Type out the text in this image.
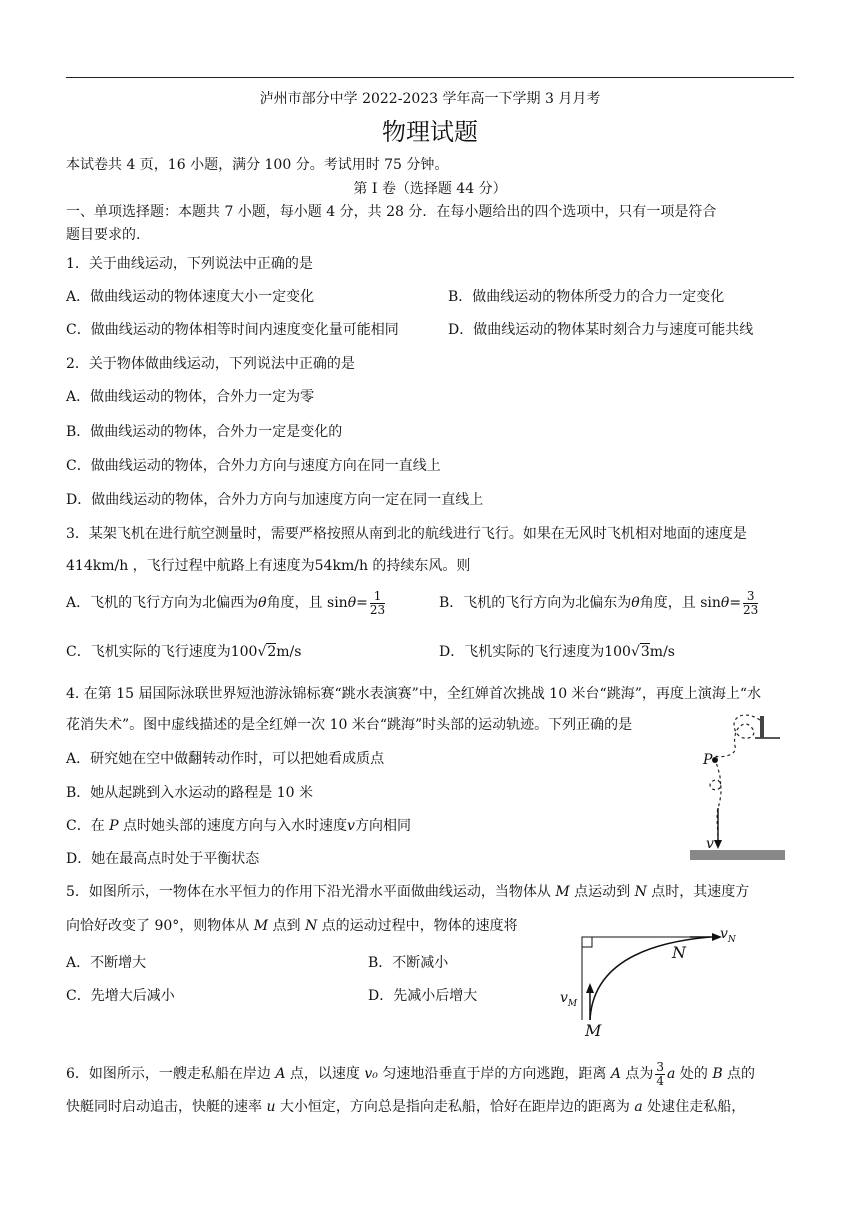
泸州市部分中学 2022-2023 学年高一下学期 3 月月考
物理试题
本试卷共 4 页，16 小题，满分 100 分。考试用时 75 分钟。
第 I 卷（选择题 44 分）
一、单项选择题：本题共 7 小题，每小题 4 分，共 28 分．在每小题给出的四个选项中，只有一项是符合
题目要求的.
1．关于曲线运动，下列说法中正确的是
A．做曲线运动的物体速度大小一定变化	B．做曲线运动的物体所受力的合力一定变化
C．做曲线运动的物体相等时间内速度变化量可能相同	D．做曲线运动的物体某时刻合力与速度可能共线
2．关于物体做曲线运动，下列说法中正确的是
A．做曲线运动的物体，合外力一定为零
B．做曲线运动的物体，合外力一定是变化的
C．做曲线运动的物体，合外力方向与速度方向在同一直线上
D．做曲线运动的物体，合外力方向与加速度方向一定在同一直线上
3．某架飞机在进行航空测量时，需要严格按照从南到北的航线进行飞行。如果在无风时飞机相对地面的速度是
414km/h ，飞行过程中航路上有速度为54km/h 的持续东风。则
A．飞机的飞行方向为北偏西为θ角度，且 $\sin\theta= \frac{1}{23}$	B．飞机的飞行方向为北偏东为θ角度，且 $\sin\theta= \frac{3}{23}$
C．飞机实际的飞行速度为100√2m/s	D．飞机实际的飞行速度为100√3m/s
4. 在第 15 届国际泳联世界短池游泳锦标赛“跳水表演赛”中，全红婵首次挑战 10 米台“跳海”，再度上演海上“水
花消失术”。图中虚线描述的是全红婵一次 10 米台“跳海”时头部的运动轨迹。下列正确的是
A．研究她在空中做翻转动作时，可以把她看成质点
B．她从起跳到入水运动的路程是 10 米
C．在 P 点时她头部的速度方向与入水时速度v方向相同
D．她在最高点时处于平衡状态
P
v
5．如图所示，一物体在水平恒力的作用下沿光滑水平面做曲线运动，当物体从 M 点运动到 N 点时，其速度方
向恰好改变了 90°，则物体从 M 点到 N 点的运动过程中，物体的速度将
A．不断增大	B．不断减小
C．先增大后减小	D．先减小后增大
$v_N$
$v_M$
N
M
6．如图所示，一艘走私船在岸边 A 点，以速度 v₀ 匀速地沿垂直于岸的方向逃跑，距离 A 点为 $\frac{3}{4}$ a 处的 B 点的
快艇同时启动追击，快艇的速率 u 大小恒定，方向总是指向走私船，恰好在距岸边的距离为 a 处逮住走私船，
